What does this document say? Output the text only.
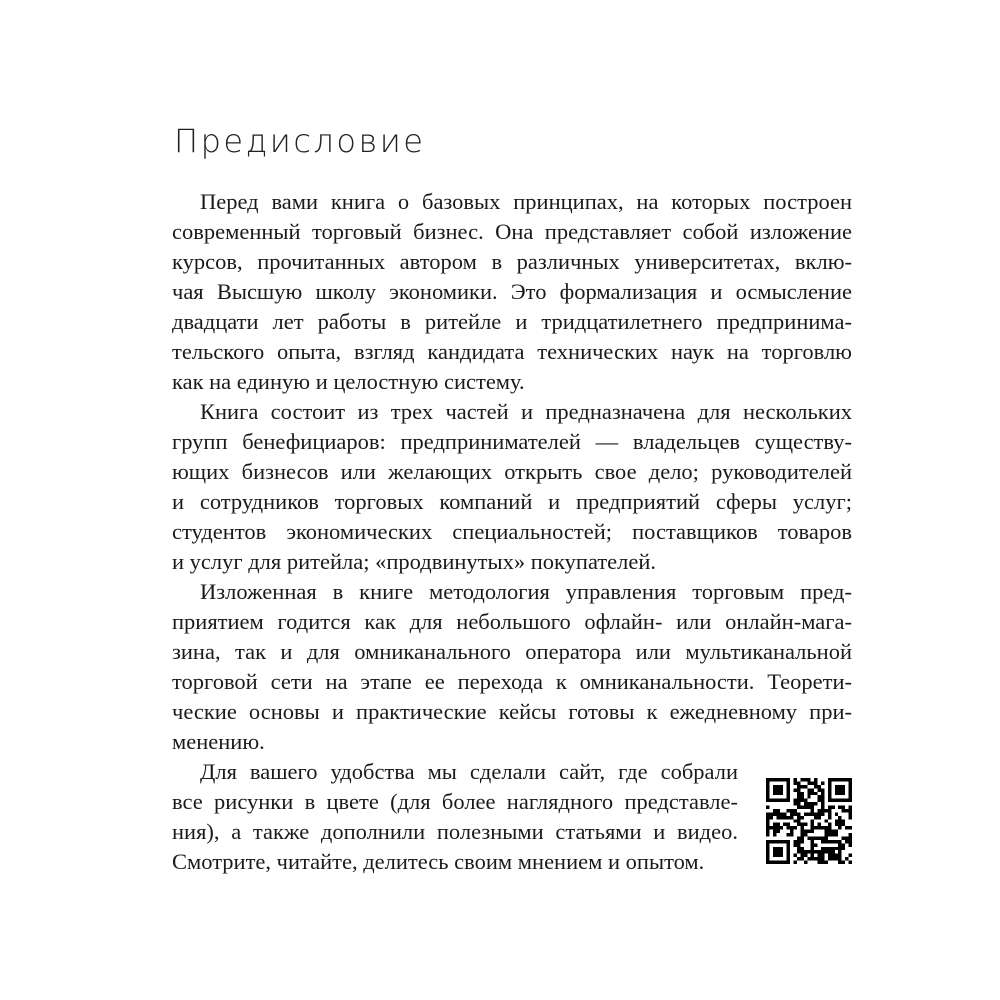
Предисловие
Перед вами книга о базовых принципах, на которых построен
современный торговый бизнес. Она представляет собой изложение
курсов, прочитанных автором в различных университетах, вклю-
чая Высшую школу экономики. Это формализация и осмысление
двадцати лет работы в ритейле и тридцатилетнего предпринима-
тельского опыта, взгляд кандидата технических наук на торговлю
как на единую и целостную систему.
Книга состоит из трех частей и предназначена для нескольких
групп бенефициаров: предпринимателей — владельцев существу-
ющих бизнесов или желающих открыть свое дело; руководителей
и сотрудников торговых компаний и предприятий сферы услуг;
студентов экономических специальностей; поставщиков товаров
и услуг для ритейла; «продвинутых» покупателей.
Изложенная в книге методология управления торговым пред-
приятием годится как для небольшого офлайн- или онлайн-мага-
зина, так и для омниканального оператора или мультиканальной
торговой сети на этапе ее перехода к омниканальности. Теорети-
ческие основы и практические кейсы готовы к ежедневному при-
менению.
Для вашего удобства мы сделали сайт, где собрали
все рисунки в цвете (для более наглядного представле-
ния), а также дополнили полезными статьями и видео.
Смотрите, читайте, делитесь своим мнением и опытом.
